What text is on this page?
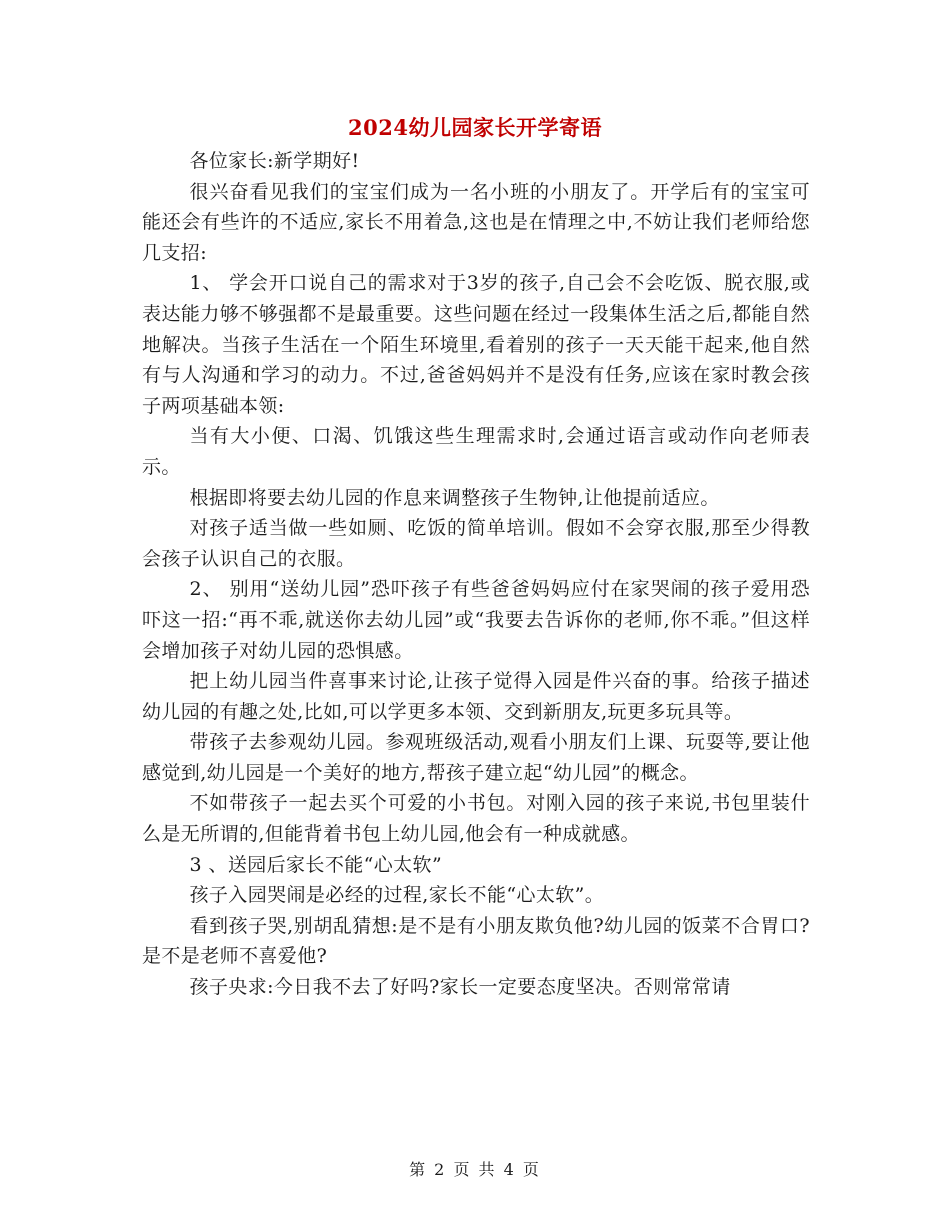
2024幼儿园家长开学寄语

各位家长:新学期好!

很兴奋看见我们的宝宝们成为一名小班的小朋友了。开学后有的宝宝可能还会有些许的不适应,家长不用着急,这也是在情理之中,不妨让我们老师给您几支招:

1、 学会开口说自己的需求对于3岁的孩子,自己会不会吃饭、脱衣服,或表达能力够不够强都不是最重要。这些问题在经过一段集体生活之后,都能自然地解决。当孩子生活在一个陌生环境里,看着别的孩子一天天能干起来,他自然有与人沟通和学习的动力。不过,爸爸妈妈并不是没有任务,应该在家时教会孩子两项基础本领:

当有大小便、口渴、饥饿这些生理需求时,会通过语言或动作向老师表示。

根据即将要去幼儿园的作息来调整孩子生物钟,让他提前适应。

对孩子适当做一些如厕、吃饭的简单培训。假如不会穿衣服,那至少得教会孩子认识自己的衣服。

2、 别用“送幼儿园”恐吓孩子有些爸爸妈妈应付在家哭闹的孩子爱用恐吓这一招:“再不乖,就送你去幼儿园”或“我要去告诉你的老师,你不乖。”但这样会增加孩子对幼儿园的恐惧感。

把上幼儿园当件喜事来讨论,让孩子觉得入园是件兴奋的事。给孩子描述幼儿园的有趣之处,比如,可以学更多本领、交到新朋友,玩更多玩具等。

带孩子去参观幼儿园。参观班级活动,观看小朋友们上课、玩耍等,要让他感觉到,幼儿园是一个美好的地方,帮孩子建立起“幼儿园”的概念。

不如带孩子一起去买个可爱的小书包。对刚入园的孩子来说,书包里装什么是无所谓的,但能背着书包上幼儿园,他会有一种成就感。

3 、送园后家长不能“心太软”

孩子入园哭闹是必经的过程,家长不能“心太软”。

看到孩子哭,别胡乱猜想:是不是有小朋友欺负他?幼儿园的饭菜不合胃口?是不是老师不喜爱他?

孩子央求:今日我不去了好吗?家长一定要态度坚决。否则常常请

第 2 页 共 4 页
